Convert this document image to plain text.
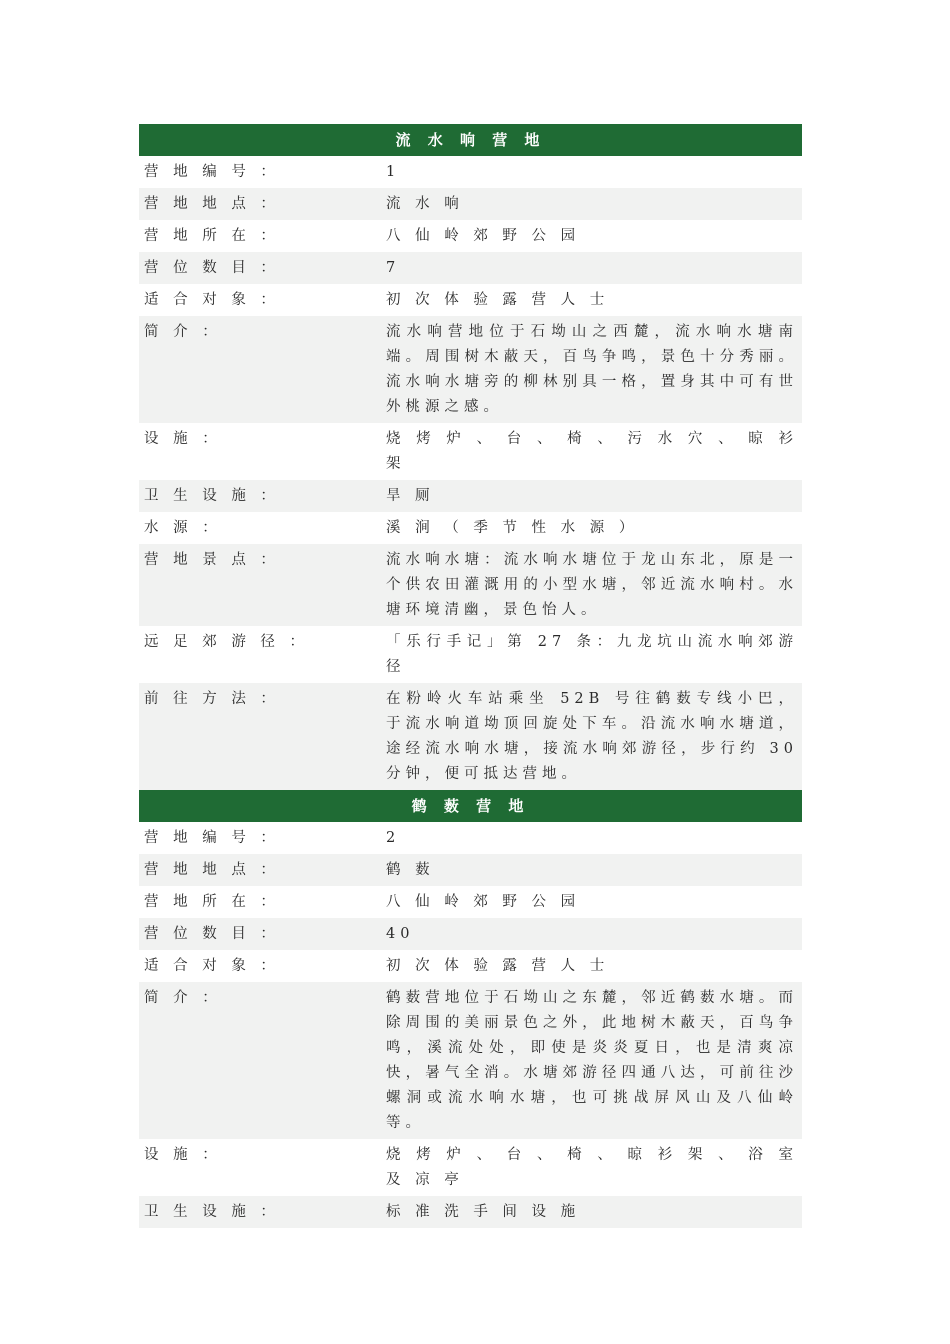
流 水 响 营 地
营 地 编 号 ：	1
营 地 地 点 ：	流 水 响
营 地 所 在 ：	八 仙 岭 郊 野 公 园
营 位 数 目 ：	7
适 合 对 象 ：	初 次 体 验 露 营 人 士
简 介 ：	流水响营地位于石坳山之西麓，流水响水塘南端。周围树木蔽天，百鸟争鸣，景色十分秀丽。流水响水塘旁的柳林别具一格，置身其中可有世外桃源之感。
设 施 ：	烧 烤 炉 、 台 、 椅 、 污 水 穴 、 晾 衫 架
卫 生 设 施 ：	旱 厕
水 源 ：	溪 涧 （ 季 节 性 水 源 ）
营 地 景 点 ：	流水响水塘：流水响水塘位于龙山东北，原是一个供农田灌溉用的小型水塘，邻近流水响村。水塘环境清幽，景色怡人。
远 足 郊 游 径 ：	「乐行手记」第 27 条：九龙坑山流水响郊游径
前 往 方 法 ：	在粉岭火车站乘坐 52B 号往鹤薮专线小巴，于流水响道坳顶回旋处下车。沿流水响水塘道，途经流水响水塘，接流水响郊游径，步行约 30 分钟，便可抵达营地。
鹤 薮 营 地
营 地 编 号 ：	2
营 地 地 点 ：	鹤 薮
营 地 所 在 ：	八 仙 岭 郊 野 公 园
营 位 数 目 ：	40
适 合 对 象 ：	初 次 体 验 露 营 人 士
简 介 ：	鹤薮营地位于石坳山之东麓，邻近鹤薮水塘。而除周围的美丽景色之外，此地树木蔽天，百鸟争鸣，溪流处处，即使是炎炎夏日，也是清爽凉快，暑气全消。水塘郊游径四通八达，可前往沙螺洞或流水响水塘，也可挑战屏风山及八仙岭等。
设 施 ：	烧 烤 炉 、 台 、 椅 、 晾 衫 架 、 浴 室 及 凉 亭
卫 生 设 施 ：	标 准 洗 手 间 设 施
